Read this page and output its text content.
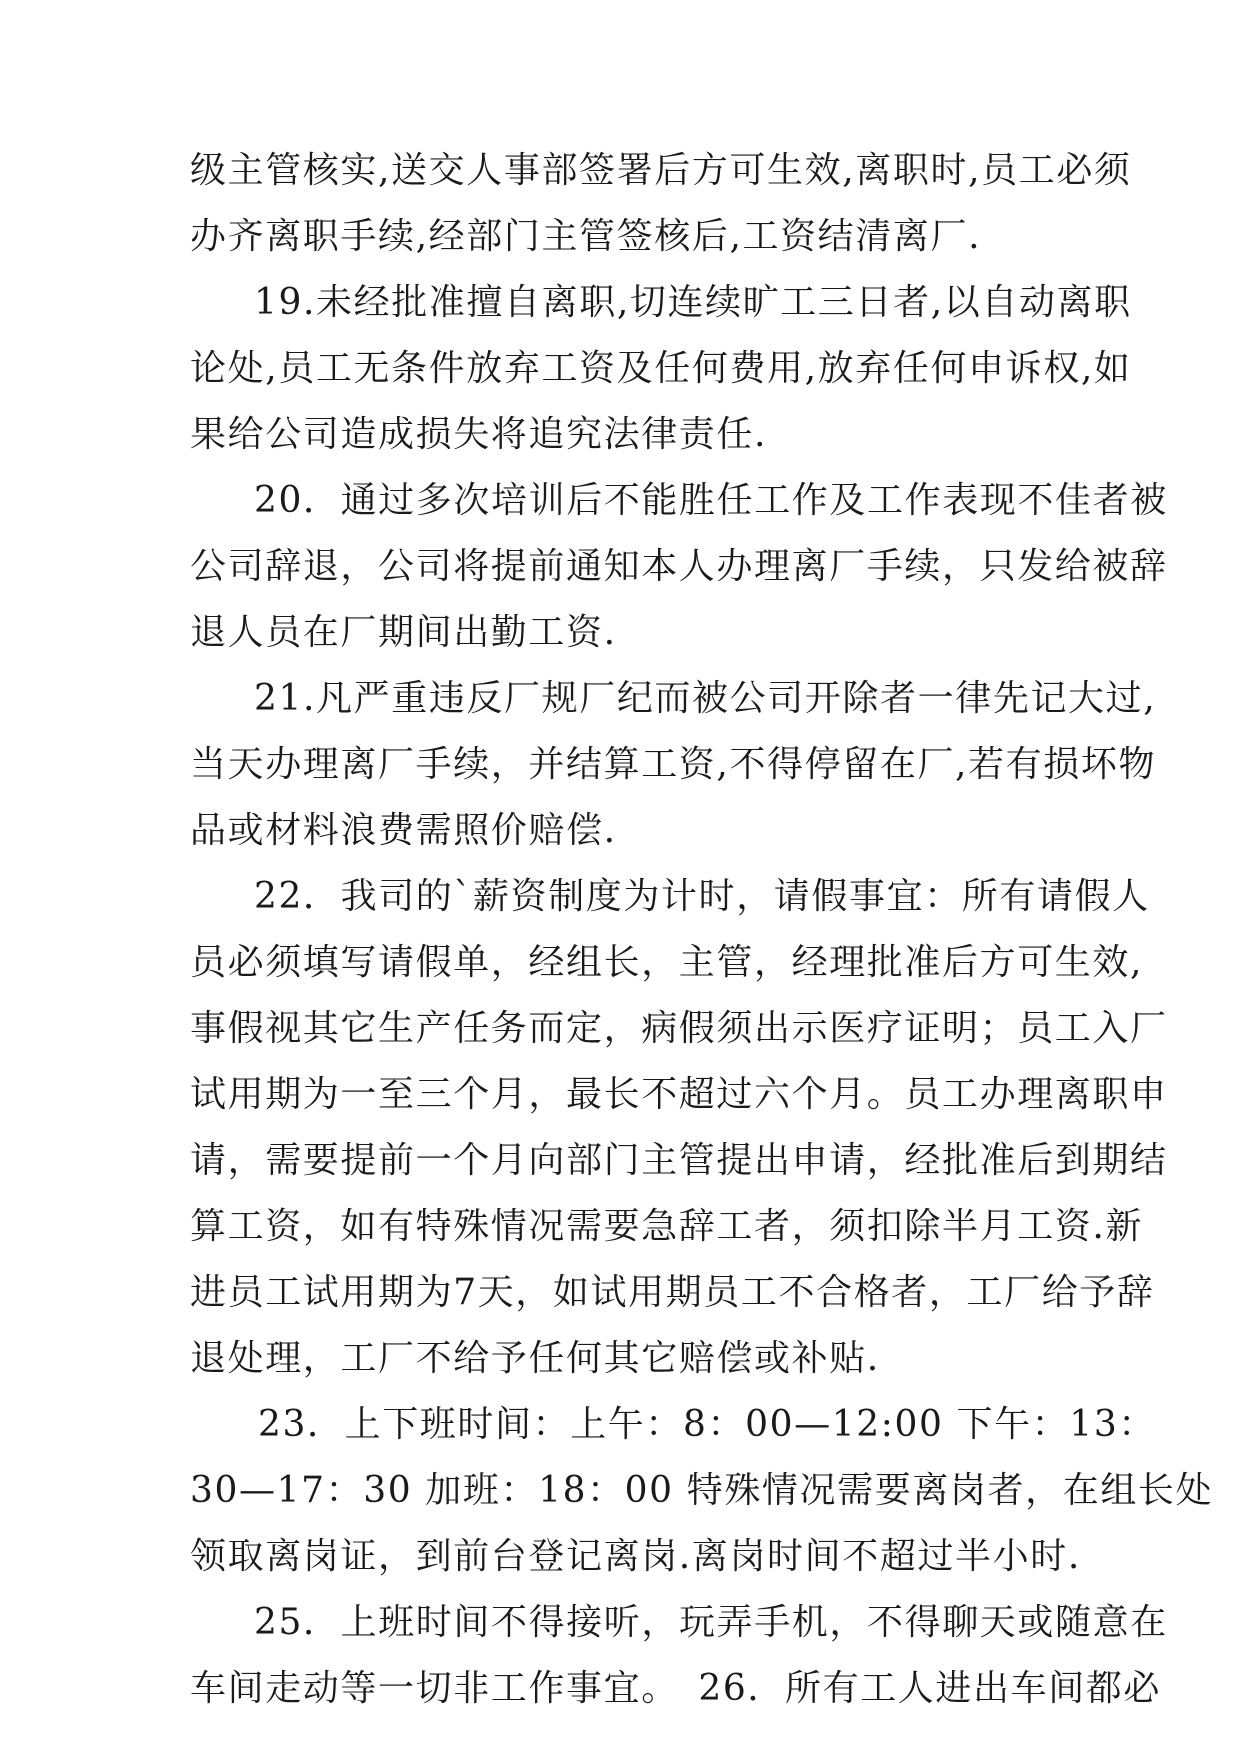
级主管核实,送交人事部签署后方可生效,离职时,员工必须
办齐离职手续,经部门主管签核后,工资结清离厂.
19.未经批准擅自离职,切连续旷工三日者,以自动离职
论处,员工无条件放弃工资及任何费用,放弃任何申诉权,如
果给公司造成损失将追究法律责任.
20．通过多次培训后不能胜任工作及工作表现不佳者被
公司辞退，公司将提前通知本人办理离厂手续，只发给被辞
退人员在厂期间出勤工资.
21.凡严重违反厂规厂纪而被公司开除者一律先记大过,
当天办理离厂手续，并结算工资,不得停留在厂,若有损坏物
品或材料浪费需照价赔偿.
22．我司的`薪资制度为计时，请假事宜：所有请假人
员必须填写请假单，经组长，主管，经理批准后方可生效,
事假视其它生产任务而定，病假须出示医疗证明；员工入厂
试用期为一至三个月，最长不超过六个月。员工办理离职申
请，需要提前一个月向部门主管提出申请，经批准后到期结
算工资，如有特殊情况需要急辞工者，须扣除半月工资.新
进员工试用期为7天，如试用期员工不合格者，工厂给予辞
退处理，工厂不给予任何其它赔偿或补贴.
23．上下班时间：上午：8：00—12:00 下午：13：
30—17：30 加班：18：00 特殊情况需要离岗者，在组长处
领取离岗证，到前台登记离岗.离岗时间不超过半小时.
25．上班时间不得接听，玩弄手机，不得聊天或随意在
车间走动等一切非工作事宜。　26．所有工人进出车间都必
